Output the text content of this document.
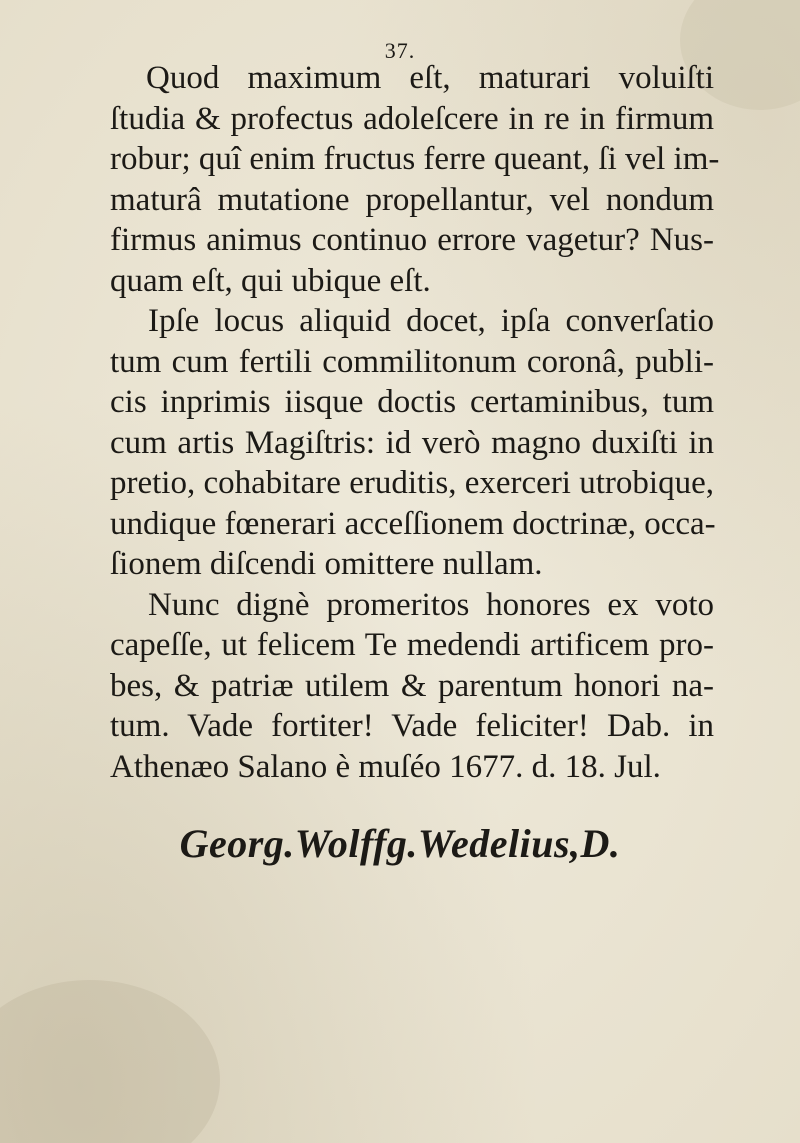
37.
Quod maximum eſt, maturari voluiſti
ſtudia & profectus adoleſcere in re in firmum
robur; quî enim fructus ferre queant, ſi vel im-
maturâ mutatione propellantur, vel nondum
firmus animus continuo errore vagetur? Nus-
quam eſt, qui ubique eſt.
Ipſe locus aliquid docet, ipſa converſatio
tum cum fertili commilitonum coronâ, publi-
cis inprimis iisque doctis certaminibus, tum
cum artis Magiſtris: id verò magno duxiſti in
pretio, cohabitare eruditis, exerceri utrobique,
undique fœnerari acceſſionem doctrinæ, occa-
ſionem diſcendi omittere nullam.
Nunc dignè promeritos honores ex voto
capeſſe, ut felicem Te medendi artificem pro-
bes, & patriæ utilem & parentum honori na-
tum. Vade fortiter! Vade feliciter! Dab. in
Athenæo Salano è muſéo 1677. d. 18. Jul.
Georg.Wolffg.Wedelius,D.
